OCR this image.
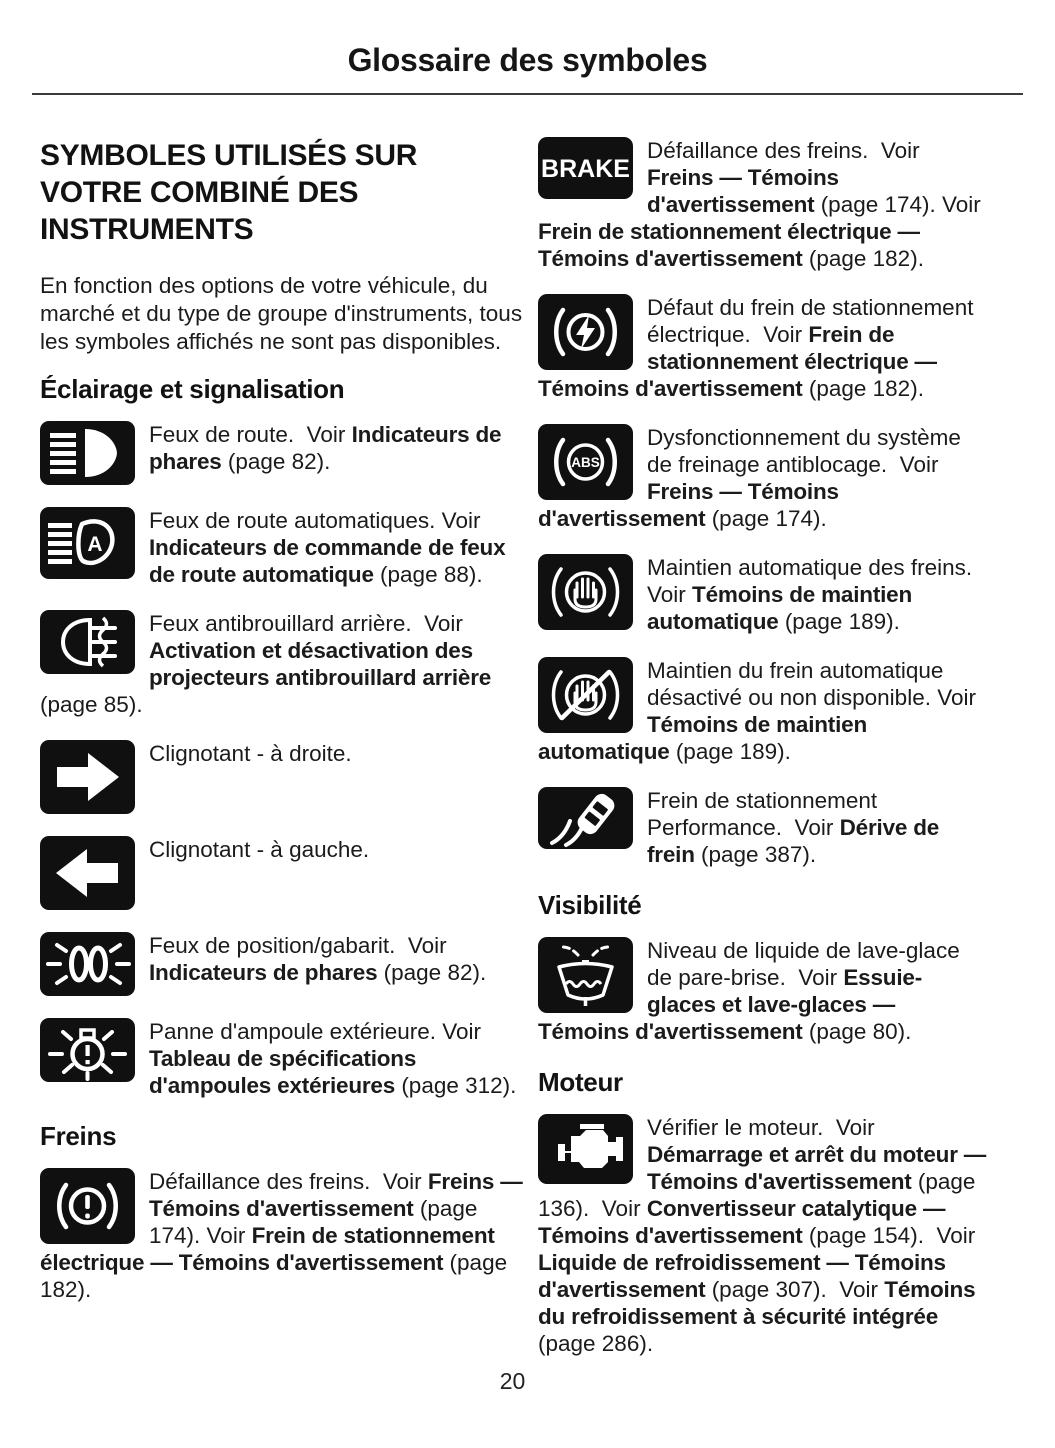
Glossaire des symboles
SYMBOLES UTILISÉS SUR VOTRE COMBINÉ DES INSTRUMENTS

En fonction des options de votre véhicule, du marché et du type de groupe d'instruments, tous les symboles affichés ne sont pas disponibles.

Éclairage et signalisation

Feux de route.  Voir Indicateurs de phares (page 82).

A

Feux de route automatiques. Voir Indicateurs de commande de feux de route automatique (page 88).

Feux antibrouillard arrière.  Voir Activation et désactivation des projecteurs antibrouillard arrière (page 85).

Clignotant - à droite.

Clignotant - à gauche.

Feux de position/gabarit.  Voir Indicateurs de phares (page 82).

Panne d'ampoule extérieure. Voir Tableau de spécifications d'ampoules extérieures (page 312).

Freins

Défaillance des freins.  Voir Freins — Témoins d'avertissement (page 174). Voir Frein de stationnement électrique — Témoins d'avertissement (page 182).

BRAKE

Défaillance des freins.  Voir Freins — Témoins d'avertissement (page 174). Voir Frein de stationnement électrique — Témoins d'avertissement (page 182).

Défaut du frein de stationnement électrique.  Voir Frein de stationnement électrique — Témoins d'avertissement (page 182).

ABS

Dysfonctionnement du système de freinage antiblocage.  Voir Freins — Témoins d'avertissement (page 174).

Maintien automatique des freins. Voir Témoins de maintien automatique (page 189).

Maintien du frein automatique désactivé ou non disponible. Voir Témoins de maintien automatique (page 189).

Frein de stationnement Performance.  Voir Dérive de frein (page 387).

Visibilité

Niveau de liquide de lave-glace de pare-brise.  Voir Essuie-glaces et lave-glaces — Témoins d'avertissement (page 80).

Moteur

Vérifier le moteur.  Voir Démarrage et arrêt du moteur — Témoins d'avertissement (page 136).  Voir Convertisseur catalytique — Témoins d'avertissement (page 154).  Voir Liquide de refroidissement — Témoins d'avertissement (page 307).  Voir Témoins du refroidissement à sécurité intégrée (page 286).

20
